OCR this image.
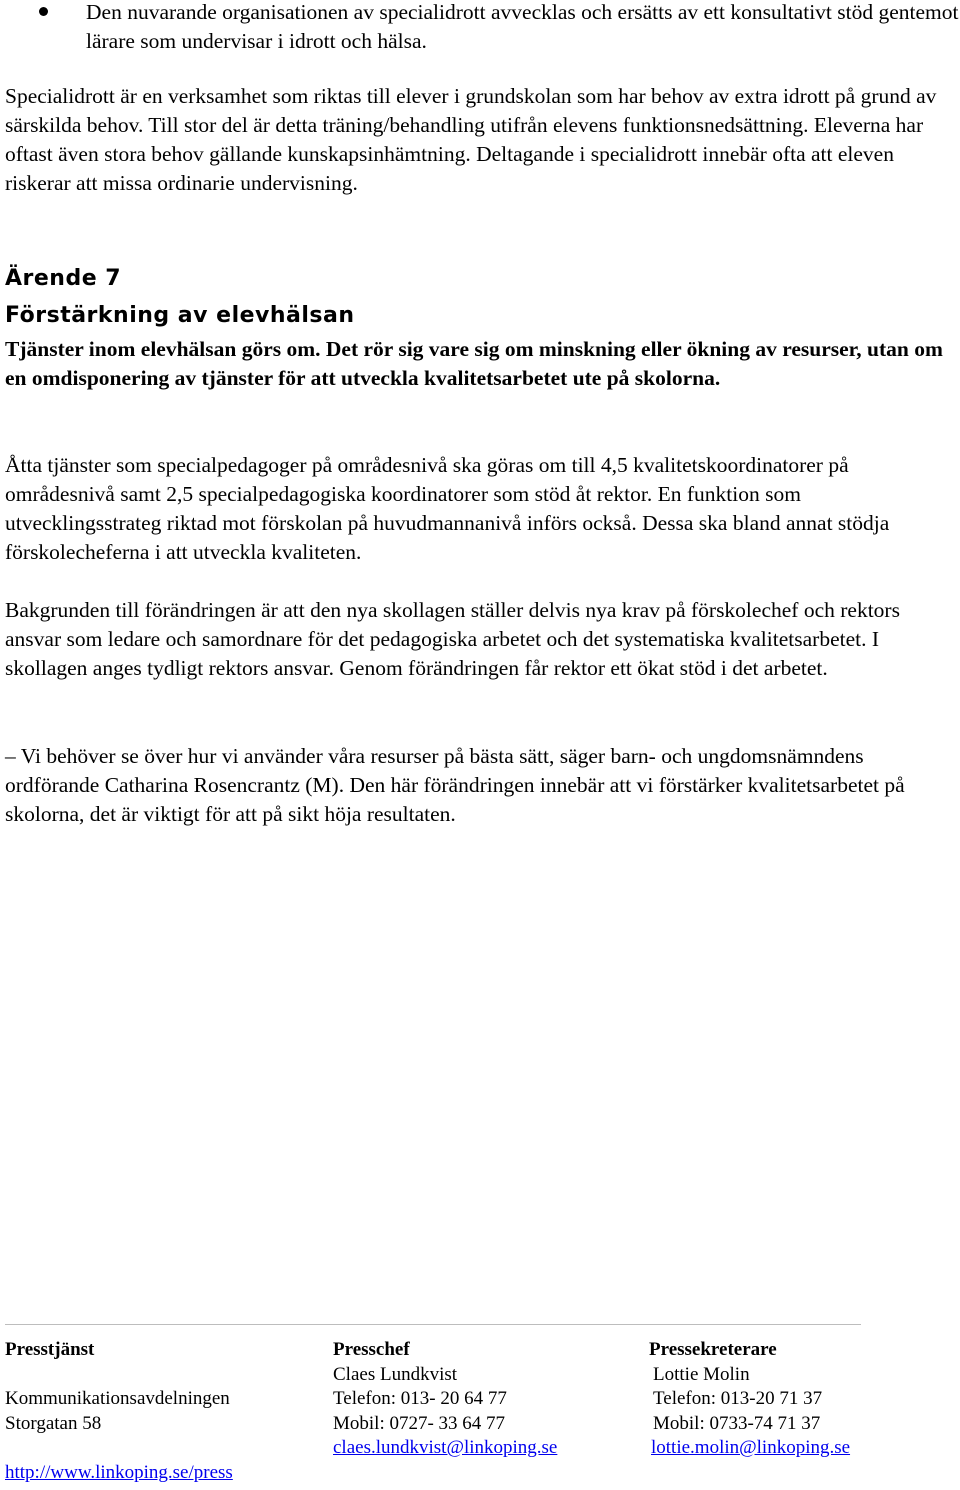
Den nuvarande organisationen av specialidrott avvecklas och ersätts av ett konsultativt stöd gentemot lärare som undervisar i idrott och hälsa.
Specialidrott är en verksamhet som riktas till elever i grundskolan som har behov av extra idrott på grund av särskilda behov. Till stor del är detta träning/behandling utifrån elevens funktionsnedsättning. Eleverna har oftast även stora behov gällande kunskapsinhämtning. Deltagande i specialidrott innebär ofta att eleven riskerar att missa ordinarie undervisning.
Ärende 7
Förstärkning av elevhälsan
Tjänster inom elevhälsan görs om. Det rör sig vare sig om minskning eller ökning av resurser, utan om en omdisponering av tjänster för att utveckla kvalitetsarbetet ute på skolorna.
Åtta tjänster som specialpedagoger på områdesnivå ska göras om till 4,5 kvalitetskoordinatorer på områdesnivå samt 2,5 specialpedagogiska koordinatorer som stöd åt rektor. En funktion som utvecklingsstrateg riktad mot förskolan på huvudmannanivå införs också. Dessa ska bland annat stödja förskolecheferna i att utveckla kvaliteten.
Bakgrunden till förändringen är att den nya skollagen ställer delvis nya krav på förskolechef och rektors ansvar som ledare och samordnare för det pedagogiska arbetet och det systematiska kvalitetsarbetet. I skollagen anges tydligt rektors ansvar. Genom förändringen får rektor ett ökat stöd i det arbetet.
– Vi behöver se över hur vi använder våra resurser på bästa sätt, säger barn- och ungdomsnämndens ordförande Catharina Rosencrantz (M). Den här förändringen innebär att vi förstärker kvalitetsarbetet på skolorna, det är viktigt för att på sikt höja resultaten.
Presstjänst
Kommunikationsavdelningen
Storgatan 58
http://www.linkoping.se/press
Presschef
Claes Lundkvist
Telefon: 013- 20 64 77
Mobil: 0727- 33 64 77
claes.lundkvist@linkoping.se
Pressekreterare
Lottie Molin
Telefon: 013-20 71 37
Mobil: 0733-74 71 37
lottie.molin@linkoping.se
